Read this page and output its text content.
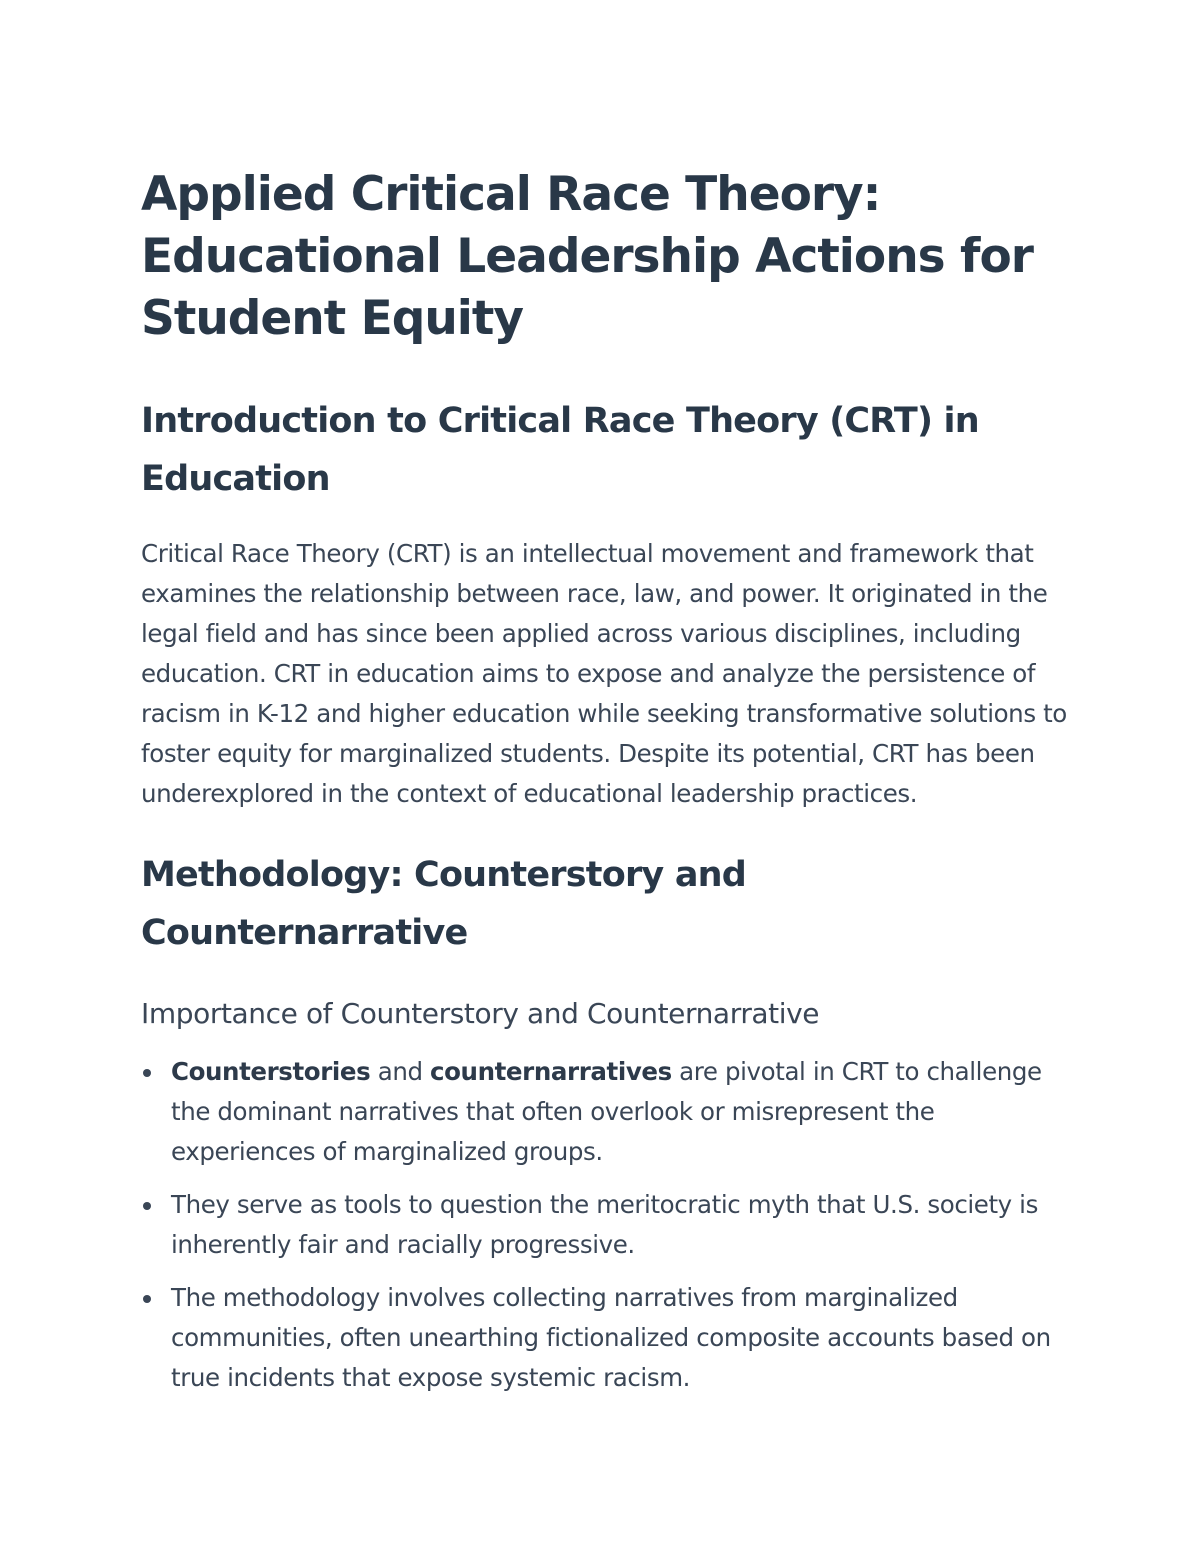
Applied Critical Race Theory: Educational Leadership Actions for Student Equity
Introduction to Critical Race Theory (CRT) in Education

Critical Race Theory (CRT) is an intellectual movement and framework that examines the relationship between race, law, and power. It originated in the legal field and has since been applied across various disciplines, including education. CRT in education aims to expose and analyze the persistence of racism in K-12 and higher education while seeking transformative solutions to foster equity for marginalized students. Despite its potential, CRT has been underexplored in the context of educational leadership practices.

Methodology: Counterstory and Counternarrative
Importance of Counterstory and Counternarrative
Counterstories and counternarratives are pivotal in CRT to challenge the dominant narratives that often overlook or misrepresent the experiences of marginalized groups.
They serve as tools to question the meritocratic myth that U.S. society is inherently fair and racially progressive.
The methodology involves collecting narratives from marginalized communities, often unearthing fictionalized composite accounts based on true incidents that expose systemic racism.
